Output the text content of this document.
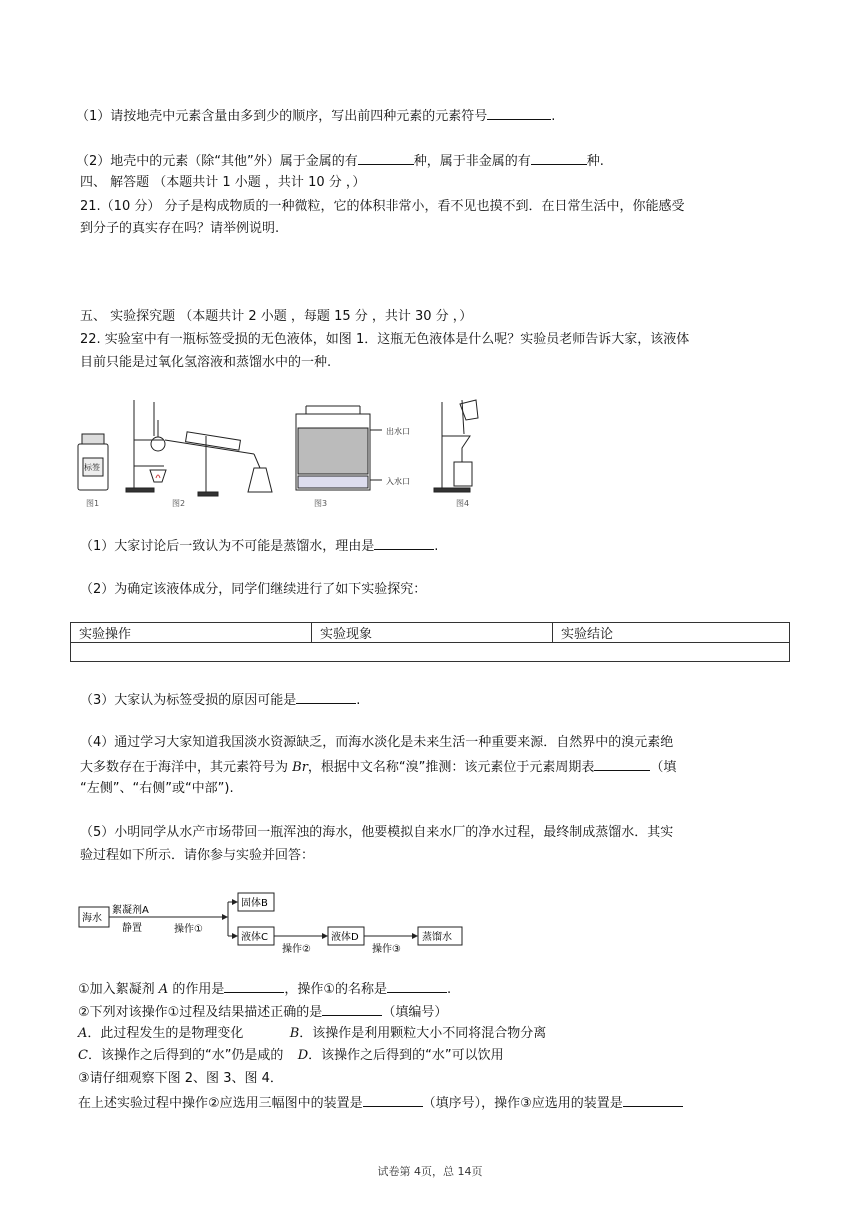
（1）请按地壳中元素含量由多到少的顺序，写出前四种元素的元素符号	.
（2）地壳中的元素（除“其他”外）属于金属的有	种，属于非金属的有	种.
四、 解答题 （本题共计 1 小题 ，共计 10 分 ，）
21.（10 分） 分子是构成物质的一种微粒，它的体积非常小，看不见也摸不到．在日常生活中，你能感受
到分子的真实存在吗？请举例说明.
五、 实验探究题 （本题共计 2 小题 ，每题 15 分 ，共计 30 分 ，）
22. 实验室中有一瓶标签受损的无色液体，如图 1．这瓶无色液体是什么呢？实验员老师告诉大家，该液体
目前只能是过氧化氢溶液和蒸馏水中的一种.
标签
图1	图2
出水口
入水口
图3	图4
（1）大家讨论后一致认为不可能是蒸馏水，理由是	.
（2）为确定该液体成分，同学们继续进行了如下实验探究：
实验操作	实验现象	实验结论

（3）大家认为标签受损的原因可能是	.
（4）通过学习大家知道我国淡水资源缺乏，而海水淡化是未来生活一种重要来源．自然界中的溴元素绝
大多数存在于海洋中，其元素符号为 Br，根据中文名称“溴”推测：该元素位于元素周期表	（填
“左侧”、“右侧”或“中部”).
（5）小明同学从水产市场带回一瓶浑浊的海水，他要模拟自来水厂的净水过程，最终制成蒸馏水．其实
验过程如下所示．请你参与实验并回答：
海水
絮凝剂A
静置	操作①
固体B
液体C
操作②
液体D
操作③
蒸馏水
①加入絮凝剂 A 的作用是	，操作①的名称是	.
②下列对该操作①过程及结果描述正确的是	（填编号）
A．此过程发生的是物理变化	B．该操作是利用颗粒大小不同将混合物分离
C．该操作之后得到的“水”仍是咸的 D．该操作之后得到的“水”可以饮用
③请仔细观察下图 2、图 3、图 4．
在上述实验过程中操作②应选用三幅图中的装置是	（填序号），操作③应选用的装置是
试卷第 4页，总 14页
